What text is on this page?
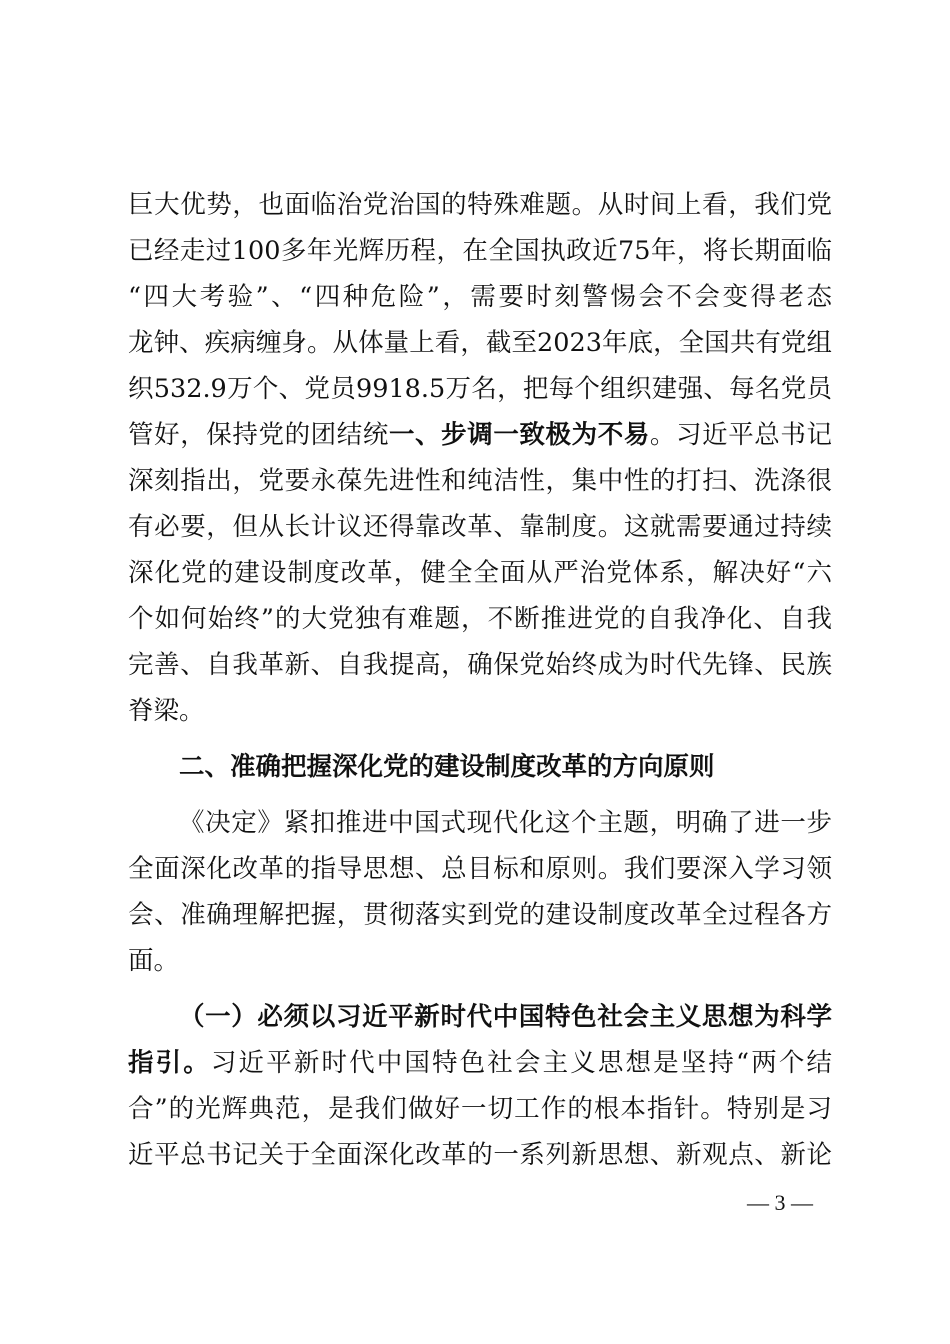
巨大优势，也面临治党治国的特殊难题。从时间上看，我们党
已经走过100多年光辉历程，在全国执政近75年，将长期面临
“四大考验”、“四种危险”，需要时刻警惕会不会变得老态
龙钟、疾病缠身。从体量上看，截至2023年底，全国共有党组
织532.9万个、党员9918.5万名，把每个组织建强、每名党员
管好，保持党的团结统一、步调一致极为不易。习近平总书记
深刻指出，党要永葆先进性和纯洁性，集中性的打扫、洗涤很
有必要，但从长计议还得靠改革、靠制度。这就需要通过持续
深化党的建设制度改革，健全全面从严治党体系，解决好“六
个如何始终”的大党独有难题，不断推进党的自我净化、自我
完善、自我革新、自我提高，确保党始终成为时代先锋、民族
脊梁。
二、准确把握深化党的建设制度改革的方向原则
《决定》紧扣推进中国式现代化这个主题，明确了进一步
全面深化改革的指导思想、总目标和原则。我们要深入学习领
会、准确理解把握，贯彻落实到党的建设制度改革全过程各方
面。
（一）必须以习近平新时代中国特色社会主义思想为科学
指引。习近平新时代中国特色社会主义思想是坚持“两个结
合”的光辉典范，是我们做好一切工作的根本指针。特别是习
近平总书记关于全面深化改革的一系列新思想、新观点、新论
— 3 —
